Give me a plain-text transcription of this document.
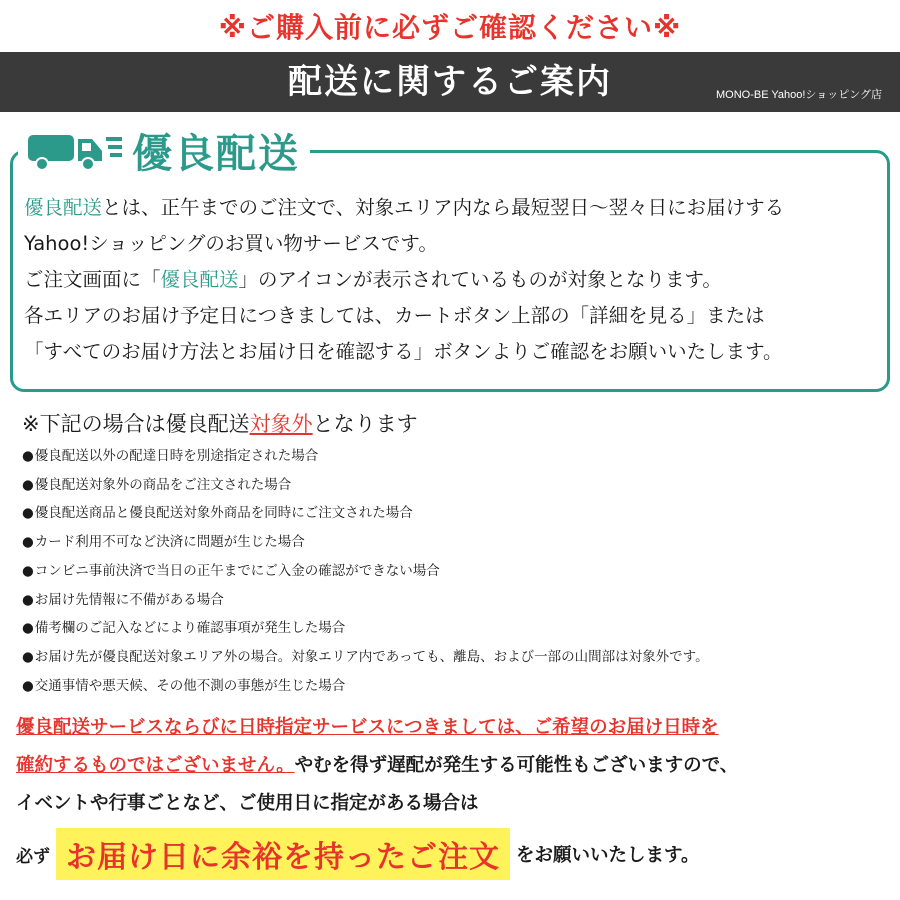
※ご購入前に必ずご確認ください※
配送に関するご案内	MONO-BE Yahoo!ショッピング店
優良配送
優良配送とは、正午までのご注文で、対象エリア内なら最短翌日〜翌々日にお届けする
Yahoo!ショッピングのお買い物サービスです。
ご注文画面に「優良配送」のアイコンが表示されているものが対象となります。
各エリアのお届け予定日につきましては、カートボタン上部の「詳細を見る」または
「すべてのお届け方法とお届け日を確認する」ボタンよりご確認をお願いいたします。
※下記の場合は優良配送対象外となります
● 優良配送以外の配達日時を別途指定された場合
● 優良配送対象外の商品をご注文された場合
● 優良配送商品と優良配送対象外商品を同時にご注文された場合
● カード利用不可など決済に問題が生じた場合
● コンビニ事前決済で当日の正午までにご入金の確認ができない場合
● お届け先情報に不備がある場合
● 備考欄のご記入などにより確認事項が発生した場合
● お届け先が優良配送対象エリア外の場合。対象エリア内であっても、離島、および一部の山間部は対象外です。
● 交通事情や悪天候、その他不測の事態が生じた場合
優良配送サービスならびに日時指定サービスにつきましては、ご希望のお届け日時を
確約するものではございません。やむを得ず遅配が発生する可能性もございますので、
イベントや行事ごとなど、ご使用日に指定がある場合は
必ず お届け日に余裕を持ったご注文 をお願いいたします。
